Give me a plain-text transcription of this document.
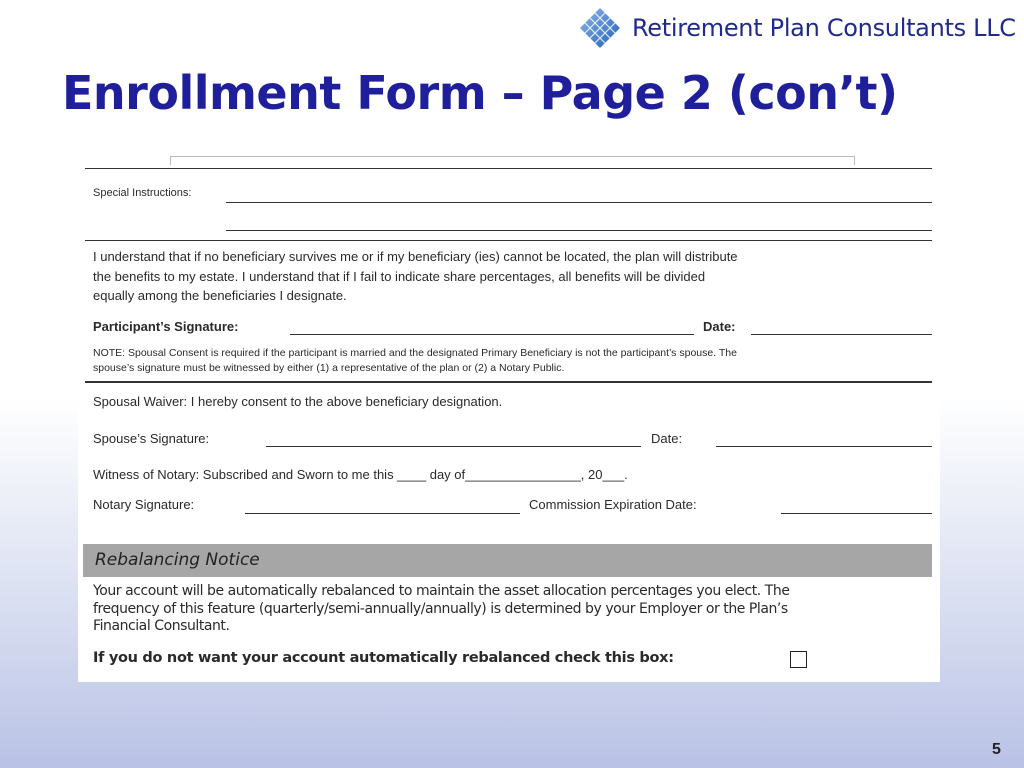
Retirement Plan Consultants LLC
Enrollment Form – Page 2 (con’t)
Special Instructions:
I understand that if no beneficiary survives me or if my beneficiary (ies) cannot be located, the plan will distribute
the benefits to my estate. I understand that if I fail to indicate share percentages, all benefits will be divided
equally among the beneficiaries I designate.
Participant’s Signature:	Date:
NOTE: Spousal Consent is required if the participant is married and the designated Primary Beneficiary is not the participant’s spouse. The
spouse’s signature must be witnessed by either (1) a representative of the plan or (2) a Notary Public.
Spousal Waiver: I hereby consent to the above beneficiary designation.
Spouse’s Signature:	Date:
Witness of Notary: Subscribed and Sworn to me this ____ day of________________, 20___.
Notary Signature:	Commission Expiration Date:
Rebalancing Notice
Your account will be automatically rebalanced to maintain the asset allocation percentages you elect. The
frequency of this feature (quarterly/semi-annually/annually) is determined by your Employer or the Plan’s
Financial Consultant.
If you do not want your account automatically rebalanced check this box:
5
